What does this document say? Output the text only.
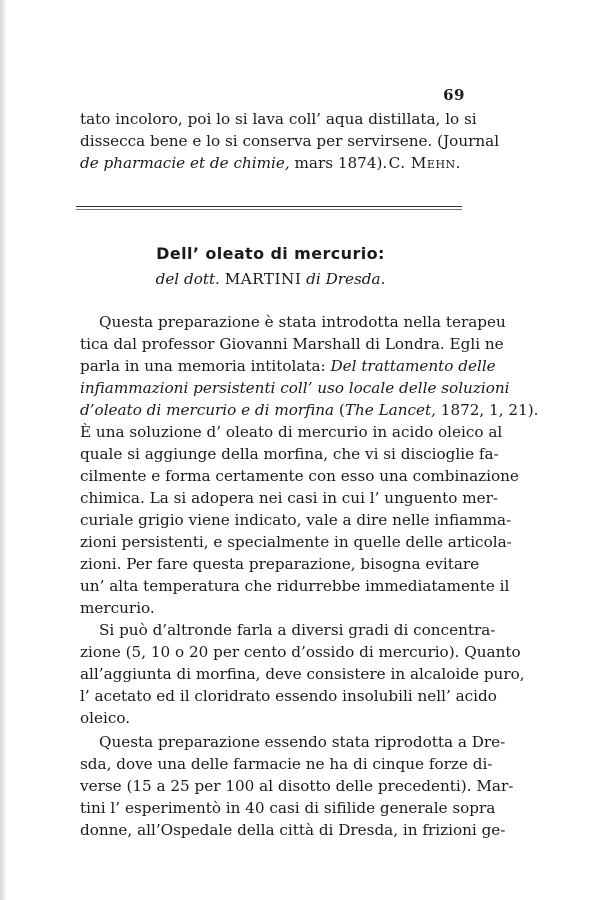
69
tato incoloro, poi lo si lava coll’ aqua distillata, lo si
dissecca bene e lo si conserva per servirsene. (Journal
de pharmacie et de chimie, mars 1874). C. Mehn.
Dell’ oleato di mercurio:
del dott. MARTINI di Dresda.
Questa preparazione è stata introdotta nella terapeu
tica dal professor Giovanni Marshall di Londra. Egli ne
parla in una memoria intitolata: Del trattamento delle
infiammazioni persistenti coll’ uso locale delle soluzioni
d’oleato di mercurio e di morfina (The Lancet, 1872, 1, 21).
È una soluzione d’ oleato di mercurio in acido oleico al
quale si aggiunge della morfina, che vi si discioglie fa-
cilmente e forma certamente con esso una combinazione
chimica. La si adopera nei casi in cui l’ unguento mer-
curiale grigio viene indicato, vale a dire nelle infiamma-
zioni persistenti, e specialmente in quelle delle articola-
zioni. Per fare questa preparazione, bisogna evitare
un’ alta temperatura che ridurrebbe immediatamente il
mercurio.
Si può d’altronde farla a diversi gradi di concentra-
zione (5, 10 o 20 per cento d’ossido di mercurio). Quanto
all’aggiunta di morfina, deve consistere in alcaloide puro,
l’ acetato ed il cloridrato essendo insolubili nell’ acido
oleico.
Questa preparazione essendo stata riprodotta a Dre-
sda, dove una delle farmacie ne ha di cinque forze di-
verse (15 a 25 per 100 al disotto delle precedenti). Mar-
tini l’ esperimentò in 40 casi di sifilide generale sopra
donne, all’Ospedale della città di Dresda, in frizioni ge-
